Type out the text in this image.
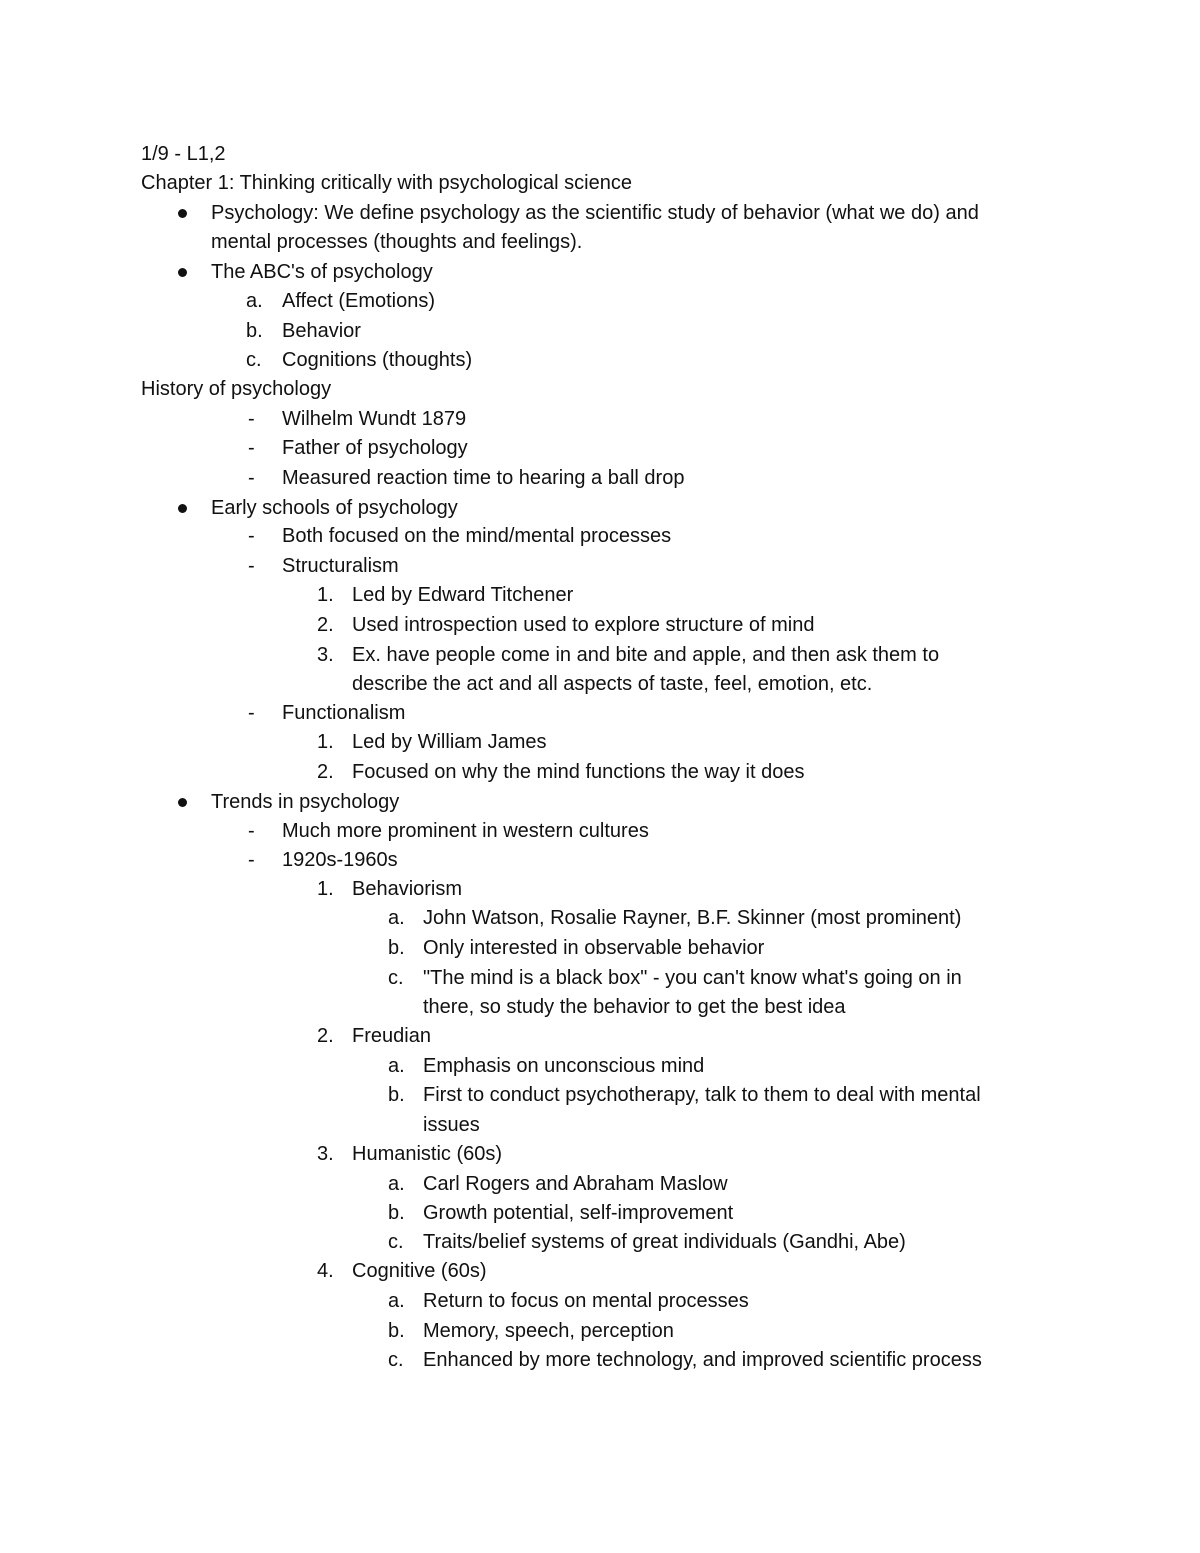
1/9 - L1,2
Chapter 1: Thinking critically with psychological science
Psychology: We define psychology as the scientific study of behavior (what we do) and
mental processes (thoughts and feelings).
The ABC's of psychology
a. Affect (Emotions)
b. Behavior
c. Cognitions (thoughts)
History of psychology
- Wilhelm Wundt 1879
- Father of psychology
- Measured reaction time to hearing a ball drop
Early schools of psychology
- Both focused on the mind/mental processes
- Structuralism
1. Led by Edward Titchener
2. Used introspection used to explore structure of mind
3. Ex. have people come in and bite and apple, and then ask them to
describe the act and all aspects of taste, feel, emotion, etc.
- Functionalism
1. Led by William James
2. Focused on why the mind functions the way it does
Trends in psychology
- Much more prominent in western cultures
- 1920s-1960s
1. Behaviorism
a. John Watson, Rosalie Rayner, B.F. Skinner (most prominent)
b. Only interested in observable behavior
c. "The mind is a black box" - you can't know what's going on in
there, so study the behavior to get the best idea
2. Freudian
a. Emphasis on unconscious mind
b. First to conduct psychotherapy, talk to them to deal with mental
issues
3. Humanistic (60s)
a. Carl Rogers and Abraham Maslow
b. Growth potential, self-improvement
c. Traits/belief systems of great individuals (Gandhi, Abe)
4. Cognitive (60s)
a. Return to focus on mental processes
b. Memory, speech, perception
c. Enhanced by more technology, and improved scientific process
